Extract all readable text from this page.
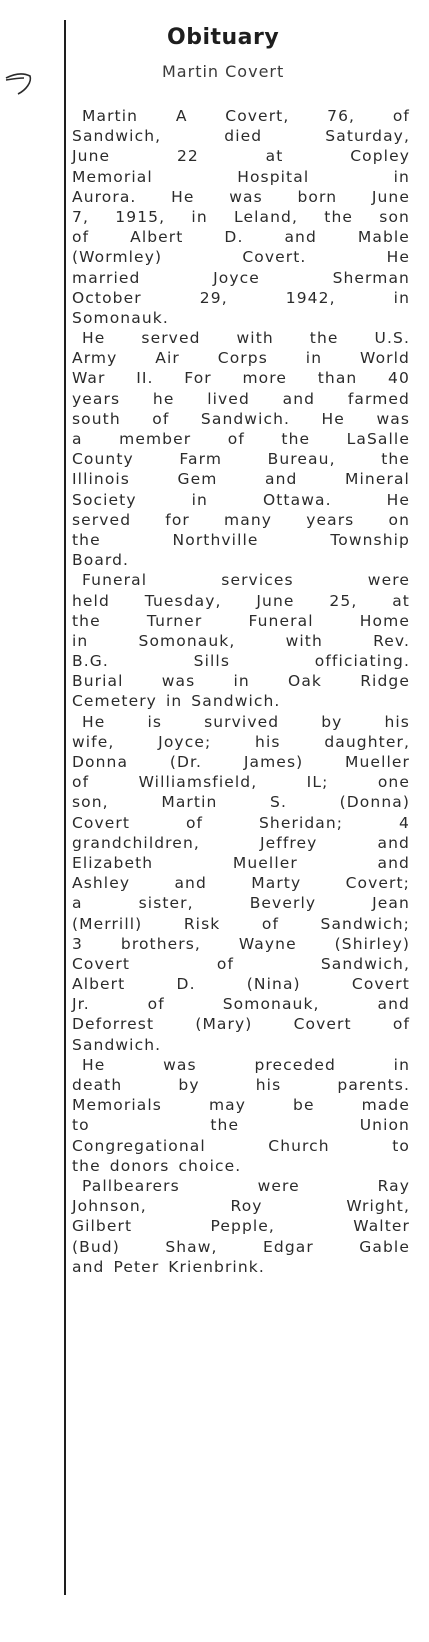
Obituary
Martin Covert
Martin A Covert, 76, of
Sandwich,	died	Saturday,
June	22	at	Copley
Memorial	Hospital	in
Aurora. He was born June
7, 1915, in Leland, the son
of	Albert	D.	and	Mable
(Wormley)	Covert.	He
married	Joyce	Sherman
October	29,	1942,	in
Somonauk.
He served with the U.S.
Army Air Corps in World
War II. For more than 40
years he lived and farmed
south of Sandwich. He was
a member of the LaSalle
County	Farm	Bureau,	the
Illinois	Gem	and	Mineral
Society	in	Ottawa.	He
served for many years on
the	Northville	Township
Board.
Funeral	services	were
held Tuesday, June 25, at
the	Turner	Funeral	Home
in	Somonauk,	with	Rev.
B.G.	Sills	officiating.
Burial was in Oak Ridge
Cemetery in Sandwich.
He	is	survived	by	his
wife,	Joyce;	his	daughter,
Donna	(Dr.	James)	Mueller
of	Williamsfield,	IL;	one
son,	Martin	S.	(Donna)
Covert	of	Sheridan;	4
grandchildren,	Jeffrey	and
Elizabeth	Mueller	and
Ashley	and	Marty	Covert;
a	sister,	Beverly	Jean
(Merrill)	Risk	of	Sandwich;
3 brothers, Wayne (Shirley)
Covert	of	Sandwich,
Albert	D.	(Nina)	Covert
Jr.	of	Somonauk,	and
Deforrest	(Mary)	Covert	of
Sandwich.
He	was	preceded	in
death	by	his	parents.
Memorials	may	be	made
to	the	Union
Congregational	Church	to
the donors choice.
Pallbearers	were	Ray
Johnson,	Roy	Wright,
Gilbert	Pepple,	Walter
(Bud)	Shaw,	Edgar	Gable
and Peter Krienbrink.
